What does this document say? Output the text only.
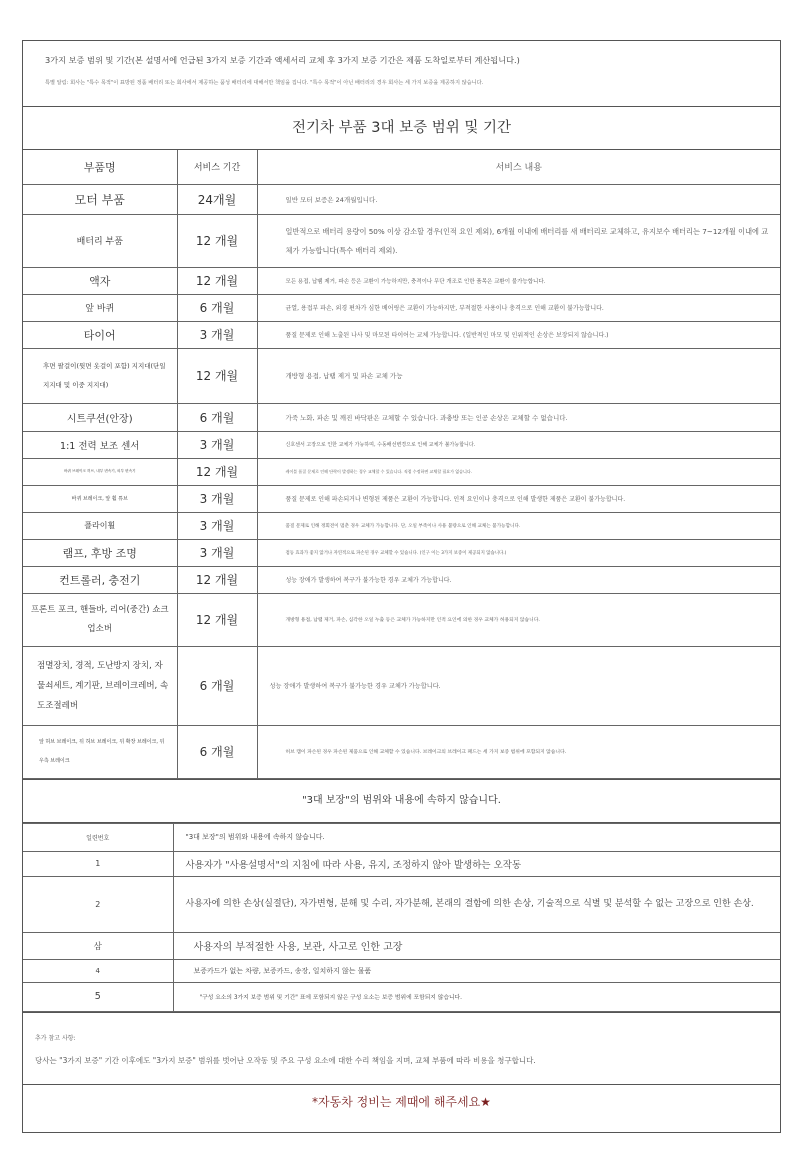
3가지 보증 범위 및 기간(본 설명서에 언급된 3가지 보증 기간과 액세서리 교체 후 3가지 보증 기간은 제품 도착일로부터 계산됩니다.)
특별 알림: 회사는 "특수 목적"이 표방된 정품 배터리 또는 회사에서 제공하는 품성 배터리에 대해서만 책임을 집니다. "특수 목적"이 아닌 배터리의 경우 회사는 세 가지 보증을 제공하지 않습니다.
전기차 부품 3대 보증 범위 및 기간
부품명	서비스 기간	서비스 내용
모터 부품	24개월	일반 모터 보증은 24개월입니다.
배터리 부품	12 개월	일반적으로 배터리 용량이 50% 이상 감소할 경우(인적 요인 제외), 6개월 이내에 배터리를 새 배터리로 교체하고, 유지보수 배터리는 7~12개월 이내에 교체가 가능합니다(특수 배터리 제외).
액자	12 개월	모든 용접, 납땜 제거, 파손 등은 교환이 가능하지만, 충격이나 무단 개조로 인한 품목은 교환이 불가능합니다.
앞 바퀴	6 개월	균열, 용접부 파손, 외경 편차가 심한 베어링은 교환이 가능하지만, 부적절한 사용이나 충격으로 인해 교환이 불가능합니다.
타이어	3 개월	품질 문제로 인해 노출된 나사 및 마모된 타이어는 교체 가능합니다. (일반적인 마모 및 인위적인 손상은 보장되지 않습니다.)
후면 팔걸이(뒷면 옷걸이 포함) 지지대(단일 지지대 및 이중 지지대)	12 개월	개방형 용접, 납땜 제거 및 파손 교체 가능
시트쿠션(안장)	6 개월	가죽 노화, 파손 및 깨진 바닥판은 교체할 수 있습니다. 과충방 또는 인공 손상은 교체할 수 없습니다.
1:1 전력 보조 센서	3 개월	신호센서 고장으로 인한 교체가 가능하며, 수동배선변경으로 인해 교체가 불가능합니다.
바퀴 브레이크 허브, 내부 변속기, 외부 변속기	12 개월	케이블 품질 문제로 인해 단락이 발생하는 경우 교체할 수 있습니다. 직접 수정하면 교체할 필요가 없습니다.
바퀴 브레이크, 앞 휠 튜브	3 개월	품질 문제로 인해 파손되거나 변형된 제품은 교환이 가능합니다. 인적 요인이나 충격으로 인해 발생한 제품은 교환이 불가능합니다.
플라이휠	3 개월	품질 문제로 인해 정회전이 멈춘 경우 교체가 가능합니다. 단, 오일 부족이나 사용 불량으로 인해 교체는 불가능합니다.
램프, 후방 조명	3 개월	점등 효과가 좋지 않거나 자연적으로 파손된 경우 교체할 수 있습니다. (인구 이는 3가지 보증이 제공되지 않습니다.)
컨트롤러, 충전기	12 개월	성능 장애가 발생하여 복구가 불가능한 경우 교체가 가능합니다.
프론트 포크, 핸들바, 리어(중간) 쇼크 업소버	12 개월	개방형 용접, 납땜 제거, 파손, 심각한 오일 누출 등은 교체가 가능하지만 인적 요인에 의한 경우 교체가 허용되지 않습니다.
점멸장치, 경적, 도난방지 장치, 자물쇠세트, 계기판, 브레이크레버, 속도조절레버	6 개월	성능 장애가 발생하여 복구가 불가능한 경우 교체가 가능합니다.
앞 허브 브레이크, 뒤 허브 브레이크, 뒤 확장 브레이크, 뒤 우측 브레이크	6 개월	허브 캡이 파손된 경우 파손된 제품으로 인해 교체할 수 있습니다. 브레이크의 브레이크 패드는 세 가지 보증 범위에 포함되지 않습니다.
"3대 보장"의 범위와 내용에 속하지 않습니다.
일련번호	"3대 보장"의 범위와 내용에 속하지 않습니다.
1	사용자가 "사용설명서"의 지침에 따라 사용, 유지, 조정하지 않아 발생하는 오작동
2	사용자에 의한 손상(실절단), 자가변형, 분해 및 수리, 자가분해, 본래의 결함에 의한 손상, 기술적으로 식별 및 분석할 수 없는 고장으로 인한 손상.
삼	사용자의 부적절한 사용, 보관, 사고로 인한 고장
4	보증카드가 없는 차량, 보증카드, 송장, 일치하지 않는 물품
5	"구성 요소의 3가지 보증 범위 및 기간" 표에 포함되지 않은 구성 요소는 보증 범위에 포함되지 않습니다.
추가 참고 사항:
당사는 "3가지 보증" 기간 이후에도 "3가지 보증" 범위를 벗어난 오작동 및 주요 구성 요소에 대한 수리 책임을 지며, 교체 부품에 따라 비용을 청구합니다.
*자동차 정비는 제때에 해주세요★
